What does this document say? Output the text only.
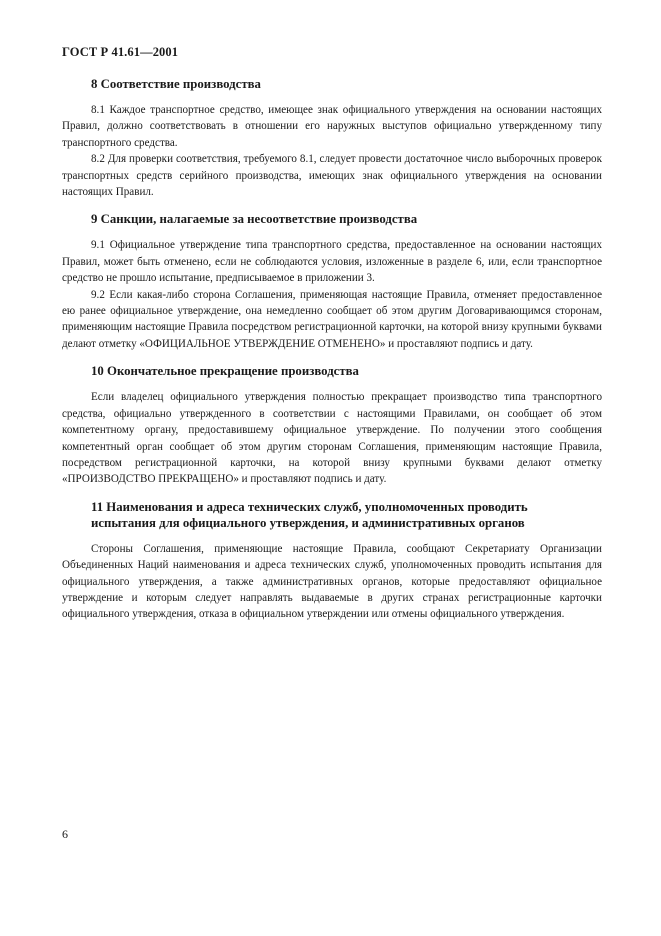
ГОСТ Р 41.61—2001
8 Соответствие производства

8.1 Каждое транспортное средство, имеющее знак официального утверждения на основании настоящих Правил, должно соответствовать в отношении его наружных выступов официально утвержденному типу транспортного средства.

8.2 Для проверки соответствия, требуемого 8.1, следует провести достаточное число выборочных проверок транспортных средств серийного производства, имеющих знак официального утверждения на основании настоящих Правил.

9 Санкции, налагаемые за несоответствие производства

9.1 Официальное утверждение типа транспортного средства, предоставленное на основании настоящих Правил, может быть отменено, если не соблюдаются условия, изложенные в разделе 6, или, если транспортное средство не прошло испытание, предписываемое в приложении 3.

9.2 Если какая-либо сторона Соглашения, применяющая настоящие Правила, отменяет предоставленное ею ранее официальное утверждение, она немедленно сообщает об этом другим Договаривающимся сторонам, применяющим настоящие Правила посредством регистрационной карточки, на которой внизу крупными буквами делают отметку «ОФИЦИАЛЬНОЕ УТВЕРЖДЕНИЕ ОТМЕНЕНО» и проставляют подпись и дату.

10 Окончательное прекращение производства

Если владелец официального утверждения полностью прекращает производство типа транспортного средства, официально утвержденного в соответствии с настоящими Правилами, он сообщает об этом компетентному органу, предоставившему официальное утверждение. По получении этого сообщения компетентный орган сообщает об этом другим сторонам Соглашения, применяющим настоящие Правила, посредством регистрационной карточки, на которой внизу крупными буквами делают отметку «ПРОИЗВОДСТВО ПРЕКРАЩЕНО» и проставляют подпись и дату.

11 Наименования и адреса технических служб, уполномоченных проводить
испытания для официального утверждения, и административных органов

Стороны Соглашения, применяющие настоящие Правила, сообщают Секретариату Организации Объединенных Наций наименования и адреса технических служб, уполномоченных проводить испытания для официального утверждения, а также административных органов, которые предоставляют официальное утверждение и которым следует направлять выдаваемые в других странах регистрационные карточки официального утверждения, отказа в официальном утверждении или отмены официального утверждения.

6
